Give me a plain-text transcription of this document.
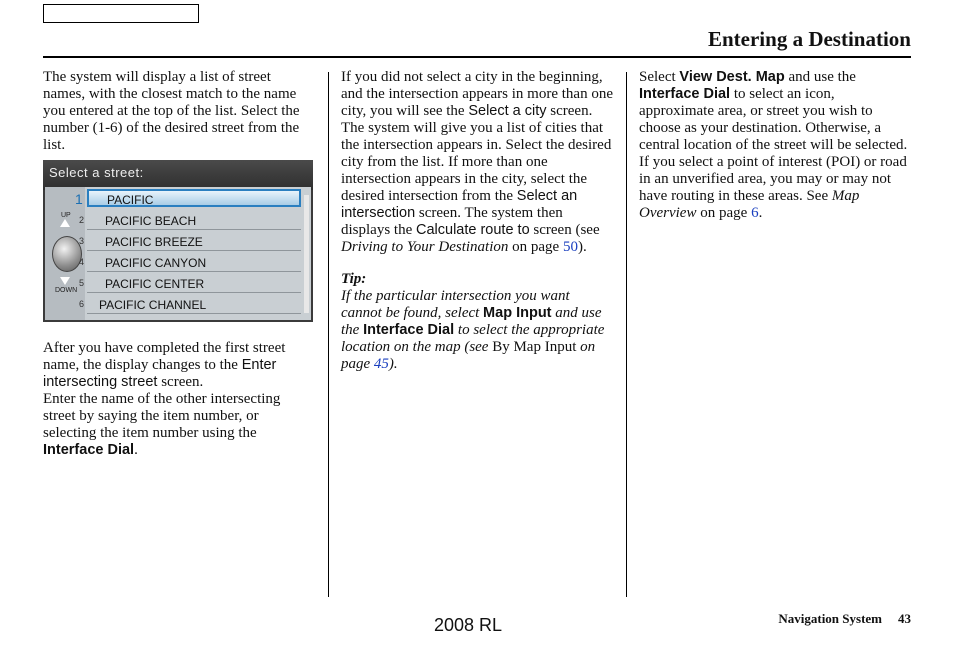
Entering a Destination

The system will display a list of street names, with the closest match to the name you entered at the top of the list. Select the number (1-6) of the desired street from the list.

After you have completed the first street name, the display changes to the Enter intersecting street screen.

Enter the name of the other intersecting street by saying the item number, or selecting the item number using the Interface Dial.

Select a street:
UP
DOWN
1 PACIFIC
2 PACIFIC BEACH
3 PACIFIC BREEZE
4 PACIFIC CANYON
5 PACIFIC CENTER
6 PACIFIC CHANNEL

If you did not select a city in the beginning, and the intersection appears in more than one city, you will see the Select a city screen. The system will give you a list of cities that the intersection appears in. Select the desired city from the list. If more than one intersection appears in the city, select the desired intersection from the Select an intersection screen. The system then displays the Calculate route to screen (see Driving to Your Destination on page 50).

Tip:

If the particular intersection you want cannot be found, select Map Input and use the Interface Dial to select the appropriate location on the map (see By Map Input on page 45).

Select View Dest. Map and use the Interface Dial to select an icon, approximate area, or street you wish to choose as your destination. Otherwise, a central location of the street will be selected. If you select a point of interest (POI) or road in an unverified area, you may or may not have routing in these areas. See Map Overview on page 6.

2008 RL	Navigation System 43
